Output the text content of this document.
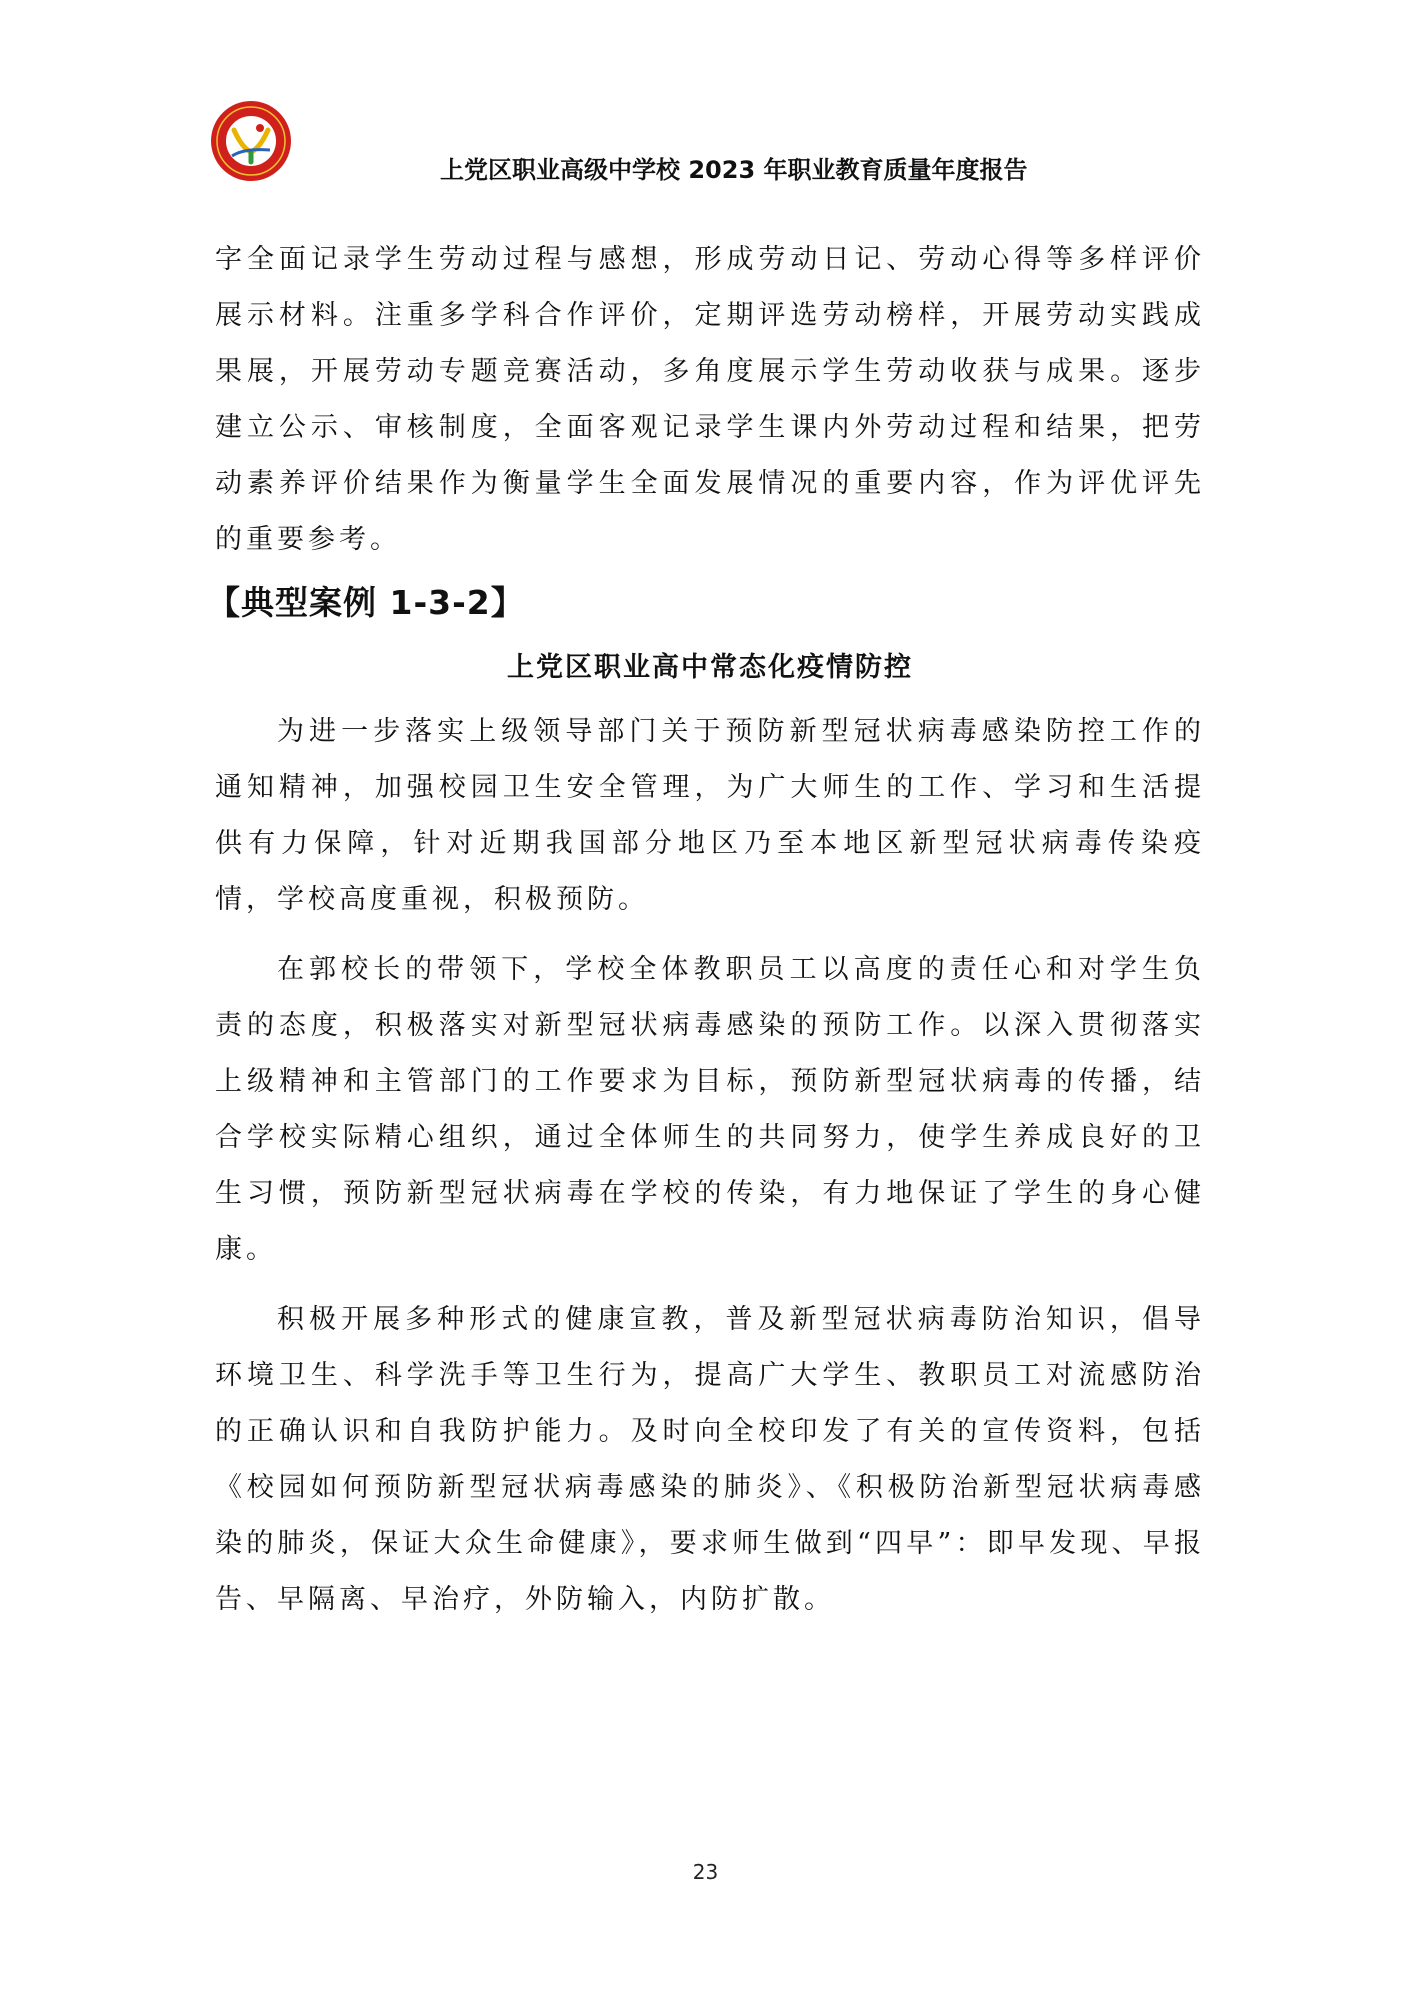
上党区职业高级中学校 2023 年职业教育质量年度报告

字全面记录学生劳动过程与感想，形成劳动日记、劳动心得等多样评价展示材料。注重多学科合作评价，定期评选劳动榜样，开展劳动实践成果展，开展劳动专题竞赛活动，多角度展示学生劳动收获与成果。逐步建立公示、审核制度，全面客观记录学生课内外劳动过程和结果，把劳动素养评价结果作为衡量学生全面发展情况的重要内容，作为评优评先的重要参考。

【典型案例 1-3-2】
上党区职业高中常态化疫情防控

为进一步落实上级领导部门关于预防新型冠状病毒感染防控工作的通知精神，加强校园卫生安全管理，为广大师生的工作、学习和生活提供有力保障，针对近期我国部分地区乃至本地区新型冠状病毒传染疫情，学校高度重视，积极预防。

在郭校长的带领下，学校全体教职员工以高度的责任心和对学生负责的态度，积极落实对新型冠状病毒感染的预防工作。以深入贯彻落实上级精神和主管部门的工作要求为目标，预防新型冠状病毒的传播，结合学校实际精心组织，通过全体师生的共同努力，使学生养成良好的卫生习惯，预防新型冠状病毒在学校的传染，有力地保证了学生的身心健康。

积极开展多种形式的健康宣教，普及新型冠状病毒防治知识，倡导环境卫生、科学洗手等卫生行为，提高广大学生、教职员工对流感防治的正确认识和自我防护能力。及时向全校印发了有关的宣传资料，包括《校园如何预防新型冠状病毒感染的肺炎》、《积极防治新型冠状病毒感染的肺炎，保证大众生命健康》，要求师生做到“四早”：即早发现、早报告、早隔离、早治疗，外防输入，内防扩散。

23
